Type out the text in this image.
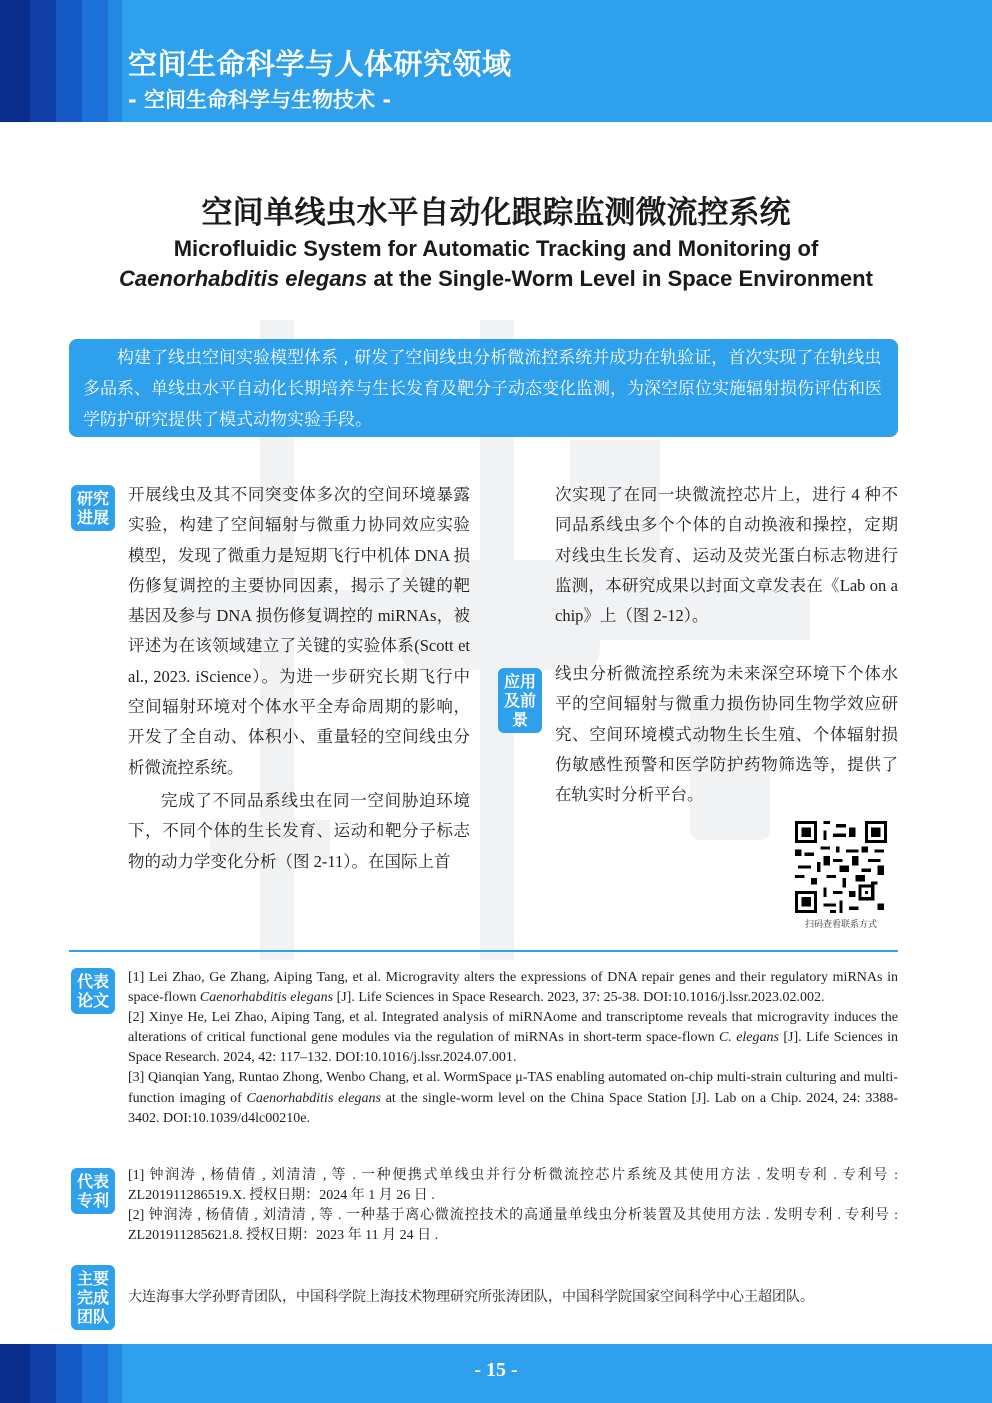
空间生命科学与人体研究领域
- 空间生命科学与生物技术 -
空间单线虫水平自动化跟踪监测微流控系统
Microfluidic System for Automatic Tracking and Monitoring of
Caenorhabditis elegans at the Single-Worm Level in Space Environment
构建了线虫空间实验模型体系 , 研发了空间线虫分析微流控系统并成功在轨验证，首次实现了在轨线虫多品系、单线虫水平自动化长期培养与生长发育及靶分子动态变化监测，为深空原位实施辐射损伤评估和医学防护研究提供了模式动物实验手段。
研究进展

开展线虫及其不同突变体多次的空间环境暴露实验，构建了空间辐射与微重力协同效应实验模型，发现了微重力是短期飞行中机体 DNA 损伤修复调控的主要协同因素，揭示了关键的靶基因及参与 DNA 损伤修复调控的 miRNAs，被评述为在该领域建立了关键的实验体系(Scott et al., 2023. iScience）。为进一步研究长期飞行中空间辐射环境对个体水平全寿命周期的影响，开发了全自动、体积小、重量轻的空间线虫分析微流控系统。

完成了不同品系线虫在同一空间胁迫环境下，不同个体的生长发育、运动和靶分子标志物的动力学变化分析（图 2-11）。在国际上首

次实现了在同一块微流控芯片上，进行 4 种不同品系线虫多个个体的自动换液和操控，定期对线虫生长发育、运动及荧光蛋白标志物进行监测，本研究成果以封面文章发表在《Lab on a chip》上（图 2-12）。
应用及前景
线虫分析微流控系统为未来深空环境下个体水平的空间辐射与微重力损伤协同生物学效应研究、空间环境模式动物生长生殖、个体辐射损伤敏感性预警和医学防护药物筛选等，提供了在轨实时分析平台。
扫码查看联系方式
代表论文
[1] Lei Zhao, Ge Zhang, Aiping Tang, et al. Microgravity alters the expressions of DNA repair genes and their regulatory miRNAs in space-flown Caenorhabditis elegans [J]. Life Sciences in Space Research. 2023, 37: 25-38. DOI:10.1016/j.lssr.2023.02.002.
[2] Xinye He, Lei Zhao, Aiping Tang, et al. Integrated analysis of miRNAome and transcriptome reveals that microgravity induces the alterations of critical functional gene modules via the regulation of miRNAs in short-term space-flown C. elegans [J]. Life Sciences in Space Research. 2024, 42: 117–132. DOI:10.1016/j.lssr.2024.07.001.
[3] Qianqian Yang, Runtao Zhong, Wenbo Chang, et al. WormSpace μ-TAS enabling automated on-chip multi-strain culturing and multi-function imaging of Caenorhabditis elegans at the single-worm level on the China Space Station [J]. Lab on a Chip. 2024, 24: 3388-3402. DOI:10.1039/d4lc00210e.
代表专利
[1] 钟润涛 , 杨倩倩 , 刘清清 , 等 . 一种便携式单线虫并行分析微流控芯片系统及其使用方法 . 发明专利 . 专利号 : ZL201911286519.X. 授权日期：2024 年 1 月 26 日 .
[2] 钟润涛 , 杨倩倩 , 刘清清 , 等 . 一种基于离心微流控技术的高通量单线虫分析装置及其使用方法 . 发明专利 . 专利号 : ZL201911285621.8. 授权日期：2023 年 11 月 24 日 .
主要完成团队
大连海事大学孙野青团队，中国科学院上海技术物理研究所张涛团队，中国科学院国家空间科学中心王超团队。
- 15 -
